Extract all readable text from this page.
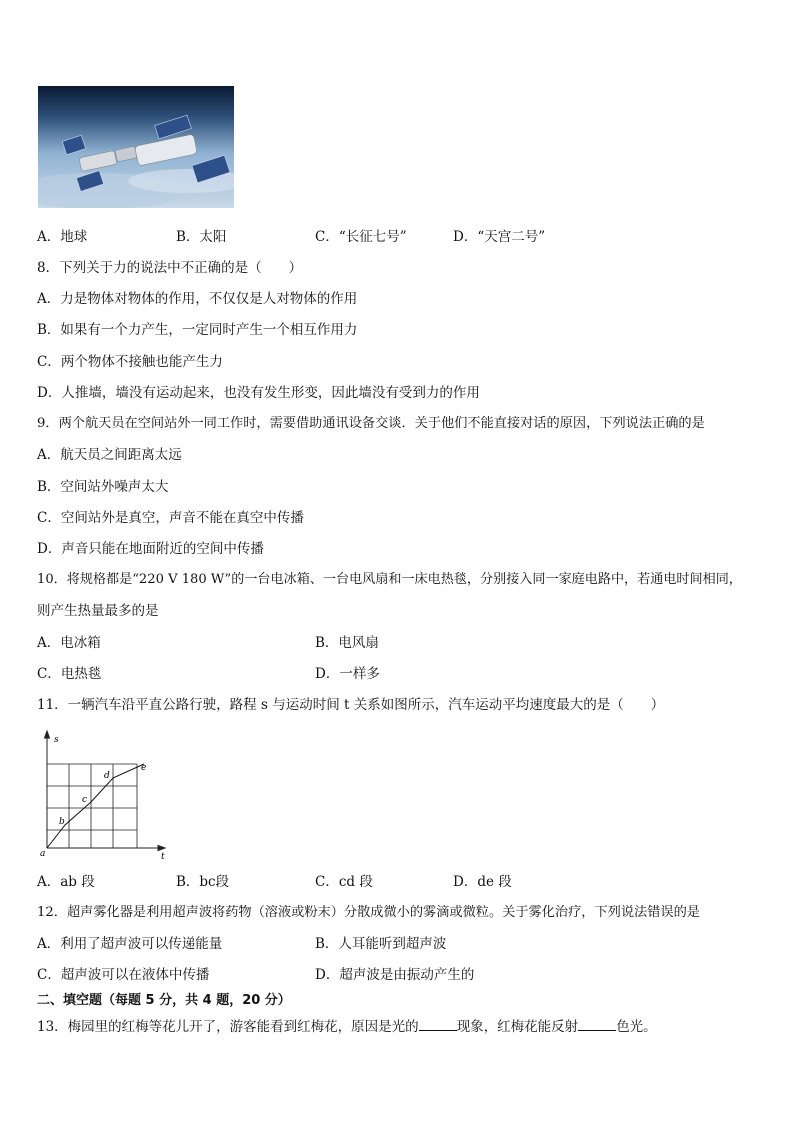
A．地球	B．太阳	C．“长征七号”	D．“天宫二号”
8．下列关于力的说法中不正确的是（　　）
A．力是物体对物体的作用，不仅仅是人对物体的作用
B．如果有一个力产生，一定同时产生一个相互作用力
C．两个物体不接触也能产生力
D．人推墙，墙没有运动起来，也没有发生形变，因此墙没有受到力的作用
9．两个航天员在空间站外一同工作时，需要借助通讯设备交谈．关于他们不能直接对话的原因，下列说法正确的是
A．航天员之间距离太远
B．空间站外噪声太大
C．空间站外是真空，声音不能在真空中传播
D．声音只能在地面附近的空间中传播
10．将规格都是“220 V 180 W”的一台电冰箱、一台电风扇和一床电热毯，分别接入同一家庭电路中，若通电时间相同，
则产生热量最多的是
A．电冰箱	B．电风扇
C．电热毯	D．一样多
11．一辆汽车沿平直公路行驶，路程 s 与运动时间 t 关系如图所示，汽车运动平均速度最大的是（　　）
s
t
a
b
c
d
e
A．ab 段	B．bc段	C．cd 段	D．de 段
12．超声雾化器是利用超声波将药物（溶液或粉末）分散成微小的雾滴或微粒。关于雾化治疗，下列说法错误的是
A．利用了超声波可以传递能量	B．人耳能听到超声波
C．超声波可以在液体中传播	D．超声波是由振动产生的
二、填空题（每题 5 分，共 4 题，20 分）
13．梅园里的红梅等花儿开了，游客能看到红梅花，原因是光的	现象，红梅花能反射	色光。
